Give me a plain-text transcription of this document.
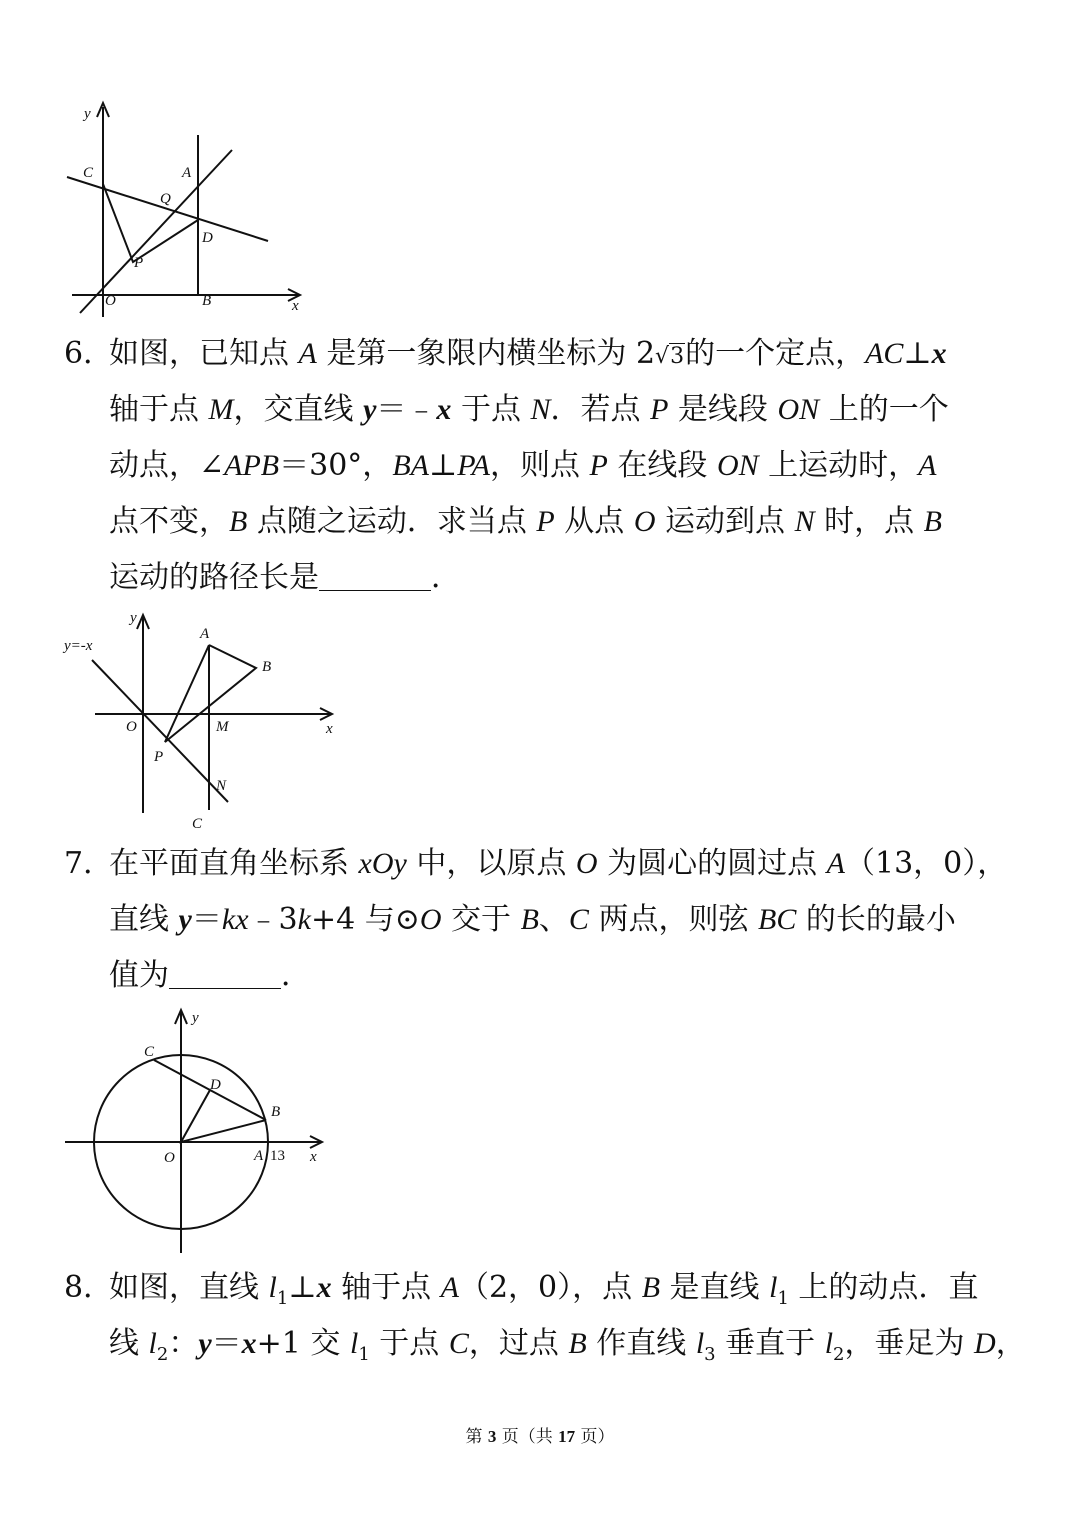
y
C	A
Q
D
P
O	B	x
6．
如图，已知点 A 是第一象限内横坐标为 2√3的一个定点，AC⊥x
轴于点 M，交直线 y＝﹣x 于点 N．若点 P 是线段 ON 上的一个
动点，∠APB＝30°，BA⊥PA，则点 P 在线段 ON 上运动时，A
点不变，B 点随之运动．求当点 P 从点 O 运动到点 N 时，点 B
运动的路径长是	．
y=-x
y
A
B
O	M	x
P
N
C
7．
在平面直角坐标系 xOy 中，以原点 O 为圆心的圆过点 A（13，0），
直线 y＝kx﹣3k+4 与⊙O 交于 B、C 两点，则弦 BC 的长的最小
值为	．
y
C
D
B
O	A 13 x
8．
如图，直线 $l_1\perp x$ 轴于点 A（2，0），点 B 是直线 $l_1$ 上的动点．直
线 $l_2$：y＝x+1 交 $l_1$ 于点 C，过点 B 作直线 $l_3$ 垂直于 $l_2$，垂足为 D，
第 3 页（共 17 页）
